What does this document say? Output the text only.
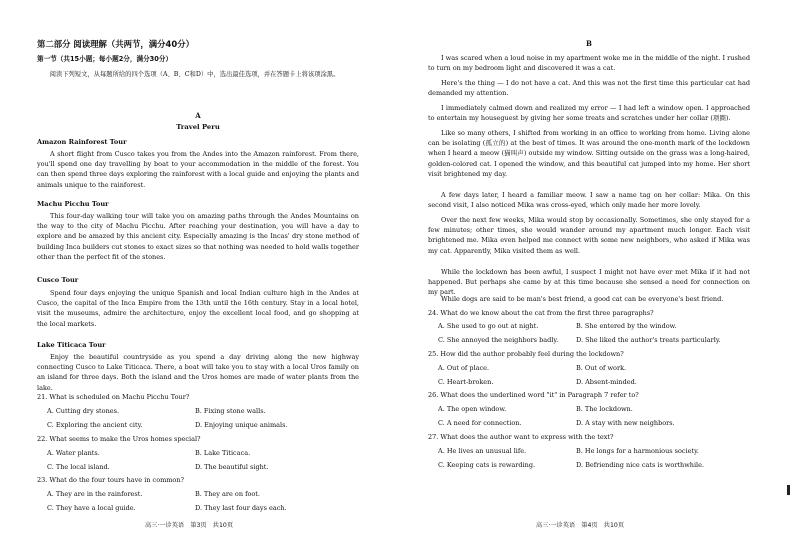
第二部分 阅读理解（共两节，满分40分）
第一节（共15小题；每小题2分，满分30分）
阅读下列短文，从每题所给的四个选项（A、B、C和D）中，选出最佳选项，并在答题卡上将该项涂黑。
A
Travel Peru
Amazon Rainforest Tour
A short flight from Cusco takes you from the Andes into the Amazon rainforest. From there, you'll spend one day travelling by boat to your accommodation in the middle of the forest. You can then spend three days exploring the rainforest with a local guide and enjoying the plants and animals unique to the rainforest.
Machu Picchu Tour
This four-day walking tour will take you on amazing paths through the Andes Mountains on the way to the city of Machu Picchu. After reaching your destination, you will have a day to explore and be amazed by this ancient city. Especially amazing is the Incas' dry stone method of building Inca builders cut stones to exact sizes so that nothing was needed to hold walls together other than the perfect fit of the stones.
Cusco Tour
Spend four days enjoying the unique Spanish and local Indian culture high in the Andes at Cusco, the capital of the Inca Empire from the 13th until the 16th century. Stay in a local hotel, visit the museums, admire the architecture, enjoy the excellent local food, and go shopping at the local markets.
Lake Titicaca Tour
Enjoy the beautiful countryside as you spend a day driving along the new highway connecting Cusco to Lake Titicaca. There, a boat will take you to stay with a local Uros family on an island for three days. Both the island and the Uros homes are made of water plants from the lake.
21. What is scheduled on Machu Picchu Tour?
A. Cutting dry stones.	B. Fixing stone walls.
C. Exploring the ancient city.	D. Enjoying unique animals.
22. What seems to make the Uros homes special?
A. Water plants.	B. Lake Titicaca.
C. The local island.	D. The beautiful sight.
23. What do the four tours have in common?
A. They are in the rainforest.	B. They are on foot.
C. They have a local guide.	D. They last four days each.
高三·一诊英语　第3页　共10页
B
I was scared when a loud noise in my apartment woke me in the middle of the night. I rushed to turn on my bedroom light and discovered it was a cat.
Here's the thing — I do not have a cat. And this was not the first time this particular cat had demanded my attention.
I immediately calmed down and realized my error — I had left a window open. I approached to entertain my houseguest by giving her some treats and scratches under her collar (项圈).
Like so many others, I shifted from working in an office to working from home. Living alone can be isolating (孤立的) at the best of times. It was around the one-month mark of the lockdown when I heard a meow (猫叫声) outside my window. Sitting outside on the grass was a long-haired, golden-colored cat. I opened the window, and this beautiful cat jumped into my home. Her short visit brightened my day.
A few days later, I heard a familiar meow. I saw a name tag on her collar: Mika. On this second visit, I also noticed Mika was cross-eyed, which only made her more lovely.
Over the next few weeks, Mika would stop by occasionally. Sometimes, she only stayed for a few minutes; other times, she would wander around my apartment much longer. Each visit brightened me. Mika even helped me connect with some new neighbors, who asked if Mika was my cat. Apparently, Mika visited them as well.
While the lockdown has been awful, I suspect I might not have ever met Mika if it had not happened. But perhaps she came by at this time because she sensed a need for connection on my part.
While dogs are said to be man's best friend, a good cat can be everyone's best friend.
24. What do we know about the cat from the first three paragraphs?
A. She used to go out at night.	B. She entered by the window.
C. She annoyed the neighbors badly.	D. She liked the author's treats particularly.
25. How did the author probably feel during the lockdown?
A. Out of place.	B. Out of work.
C. Heart-broken.	D. Absent-minded.
26. What does the underlined word "it" in Paragraph 7 refer to?
A. The open window.	B. The lockdown.
C. A need for connection.	D. A stay with new neighbors.
27. What does the author want to express with the text?
A. He lives an unusual life.	B. He longs for a harmonious society.
C. Keeping cats is rewarding.	D. Befriending nice cats is worthwhile.
高三·一诊英语　第4页　共10页
